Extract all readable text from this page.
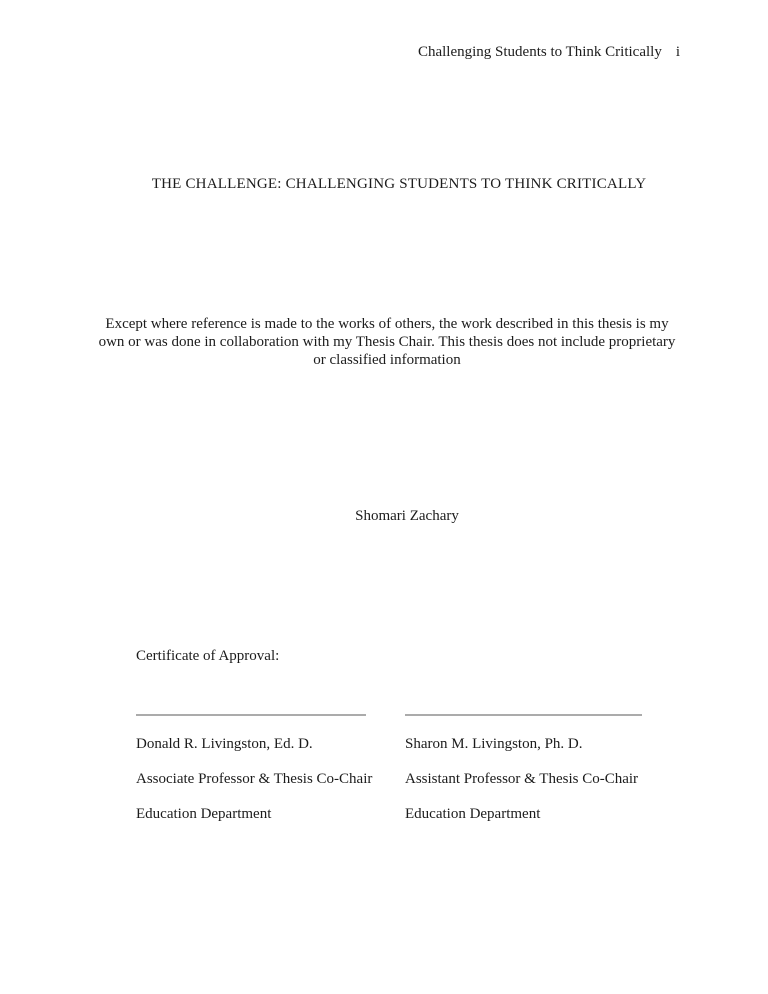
Challenging Students to Think Critically i
THE CHALLENGE: CHALLENGING STUDENTS TO THINK CRITICALLY

Except where reference is made to the works of others, the work described in this thesis is my own or was done in collaboration with my Thesis Chair. This thesis does not include proprietary or classified information

Shomari Zachary
Certificate of Approval:
Donald R. Livingston, Ed. D.
Associate Professor & Thesis Co-Chair
Education Department
Sharon M. Livingston, Ph. D.
Assistant Professor & Thesis Co-Chair
Education Department
